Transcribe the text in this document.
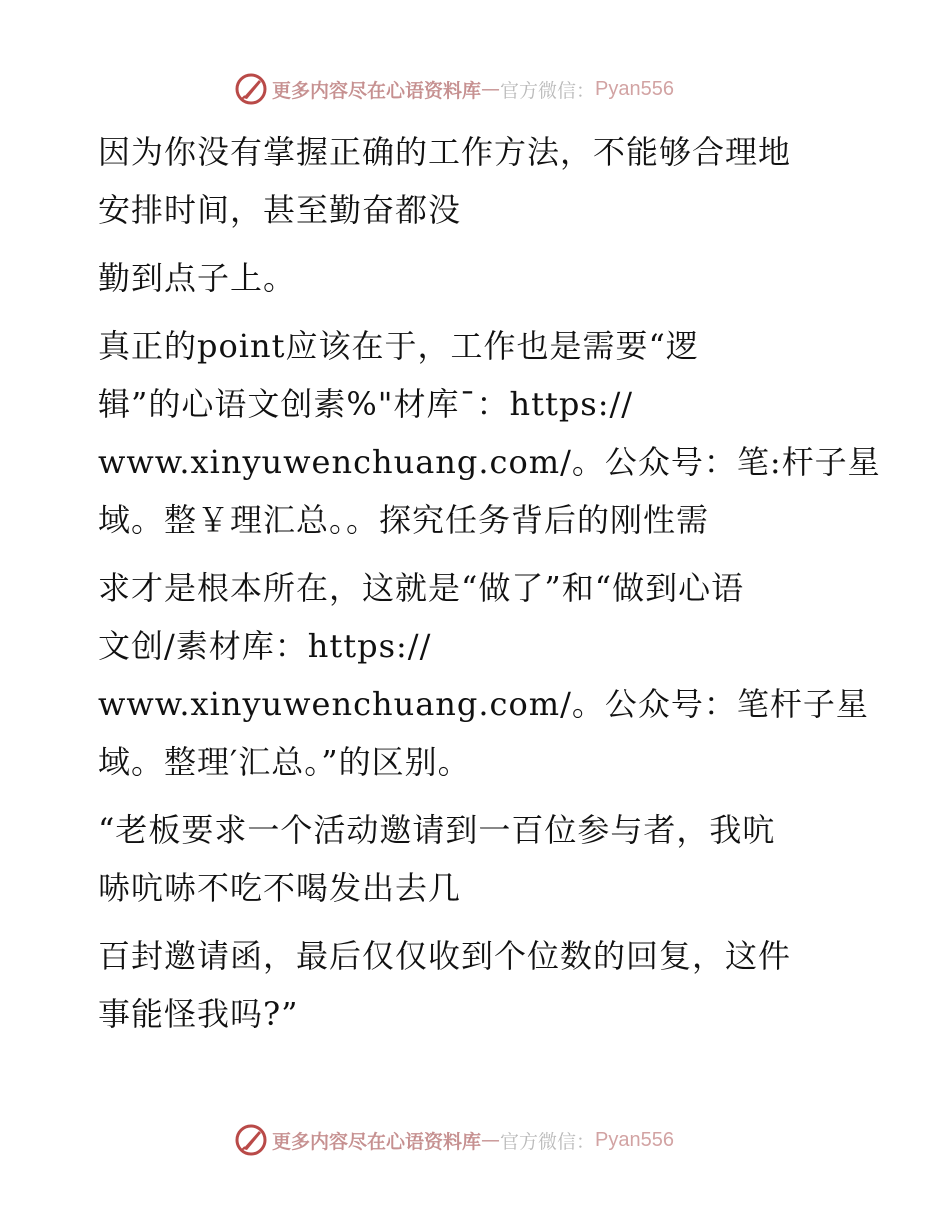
更多内容尽在心语资料库 — 官方微信： Pyan556
因为你没有掌握正确的工作方法，不能够合理地
安排时间，甚至勤奋都没
勤到点子上。
真正的point应该在于，工作也是需要“逻
辑”的心语文创素%"材库¯：https://
www.xinyuwenchuang.com/。公众号：笔:杆子星
域。整￥理汇总。。探究任务背后的刚性需
求才是根本所在，这就是“做了”和“做到心语
文创/素材库：https://
www.xinyuwenchuang.com/。公众号：笔杆子星
域。整理′汇总。”的区别。
“老板要求一个活动邀请到一百位参与者，我吭
哧吭哧不吃不喝发出去几
百封邀请函，最后仅仅收到个位数的回复，这件
事能怪我吗?”
更多内容尽在心语资料库 — 官方微信： Pyan556
